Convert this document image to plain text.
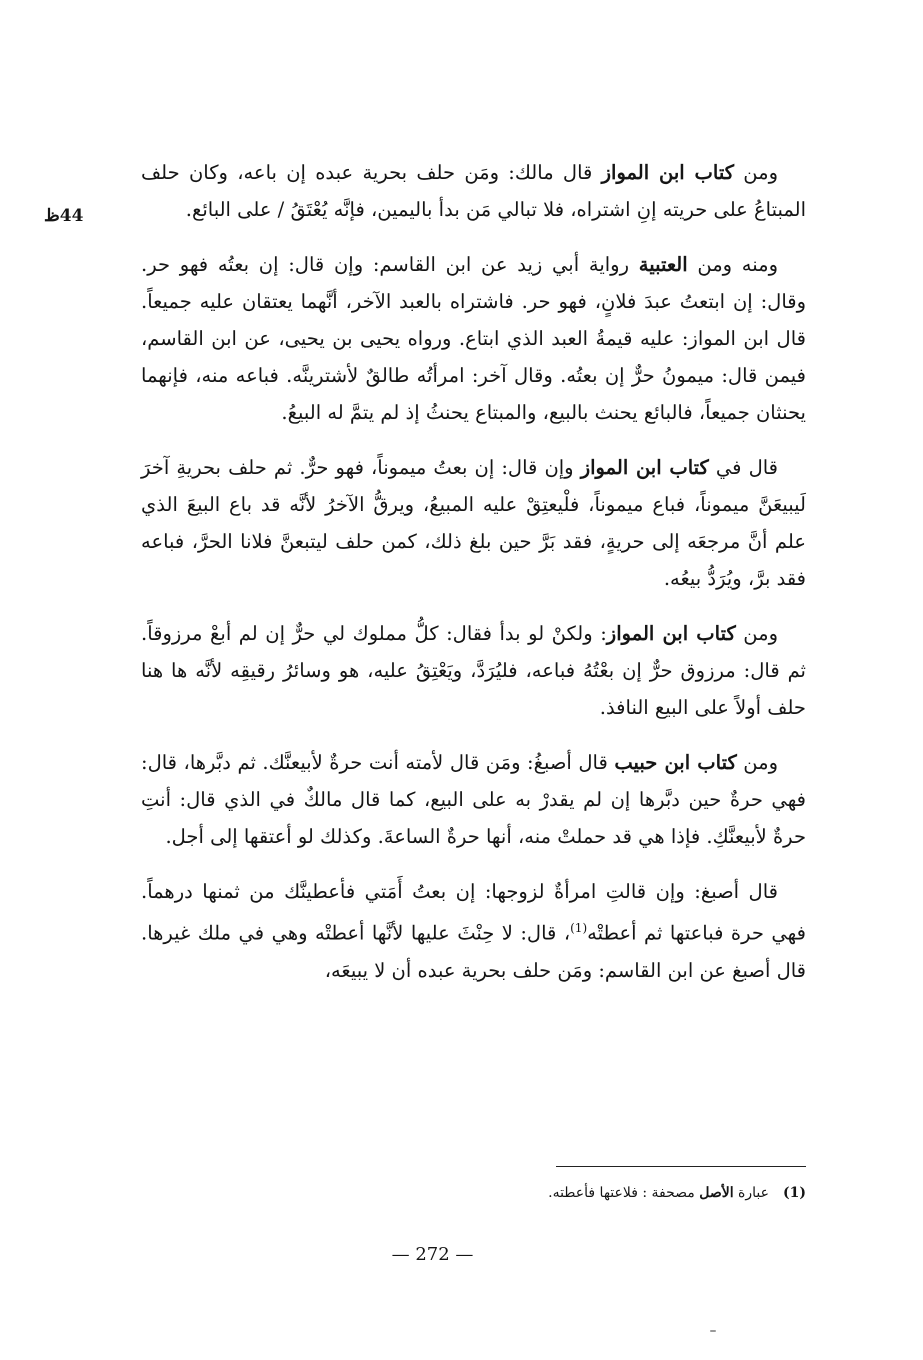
44ظ

ومن كتاب ابن المواز قال مالك: ومَن حلف بحرية عبده إن باعه، وكان حلف المبتاعُ على حريته إنِ اشتراه، فلا تبالي مَن بدأ باليمين، فإنَّه يُعْتَقُ / على البائع.

ومنه ومن العتبية رواية أبي زيد عن ابن القاسم: وإن قال: إن بعتُه فهو حر. وقال: إن ابتعتُ عبدَ فلانٍ، فهو حر. فاشتراه بالعبد الآخر، أنَّهما يعتقان عليه جميعاً. قال ابن المواز: عليه قيمةُ العبد الذي ابتاع. ورواه يحيى بن يحيى، عن ابن القاسم، فيمن قال: ميمونُ حرٌّ إن بعتُه. وقال آخر: امرأتُه طالقٌ لأشترينَّه. فباعه منه، فإنهما يحنثان جميعاً، فالبائع يحنث بالبيع، والمبتاع يحنثُ إذ لم يتمَّ له البيعُ.

قال في كتاب ابن المواز وإن قال: إن بعتُ ميموناً، فهو حرٌّ. ثم حلف بحريةِ آخرَ لَيبيعَنَّ ميموناً، فباع ميموناً، فلْيعتِقْ عليه المبيعُ، ويرقُّ الآخرُ لأنَّه قد باع البيعَ الذي علم أنَّ مرجعَه إلى حريةٍ، فقد بَرَّ حين بلغ ذلك، كمن حلف ليتبعنَّ فلانا الحرَّ، فباعه فقد برَّ، ويُرَدُّ بيعُه.

ومن كتاب ابن المواز: ولكنْ لو بدأ فقال: كلُّ مملوك لي حرٌّ إن لم أبعْ مرزوقاً. ثم قال: مرزوق حرٌّ إن بعْتُهُ فباعه، فليُرَدَّ، ويَعْتِقُ عليه، هو وسائرُ رقيقِه لأنَّه ها هنا حلف أولاً على البيع النافذ.

ومن كتاب ابن حبيب قال أصبغُ: ومَن قال لأمته أنت حرةٌ لأبيعنَّك. ثم دبَّرها، قال: فهي حرةٌ حين دبَّرها إن لم يقدرْ به على البيع، كما قال مالكٌ في الذي قال: أنتِ حرةٌ لأبيعنَّكِ. فإذا هي قد حملتْ منه، أنها حرةٌ الساعةَ. وكذلك لو أعتقها إلى أجل.

قال أصبغ: وإن قالتِ امرأةٌ لزوجها: إن بعتُ أَمَتي فأعطينَّك من ثمنها درهماً. فهي حرة فباعتها ثم أعطتْه$^{(1)}$، قال: لا حِنْثَ عليها لأنَّها أعطتْه وهي في ملك غيرها. قال أصبغ عن ابن القاسم: ومَن حلف بحرية عبده أن لا يبيعَه،

(1)عبارة الأصل مصحفة : فلاعتها فأعطته.
— 272 —
